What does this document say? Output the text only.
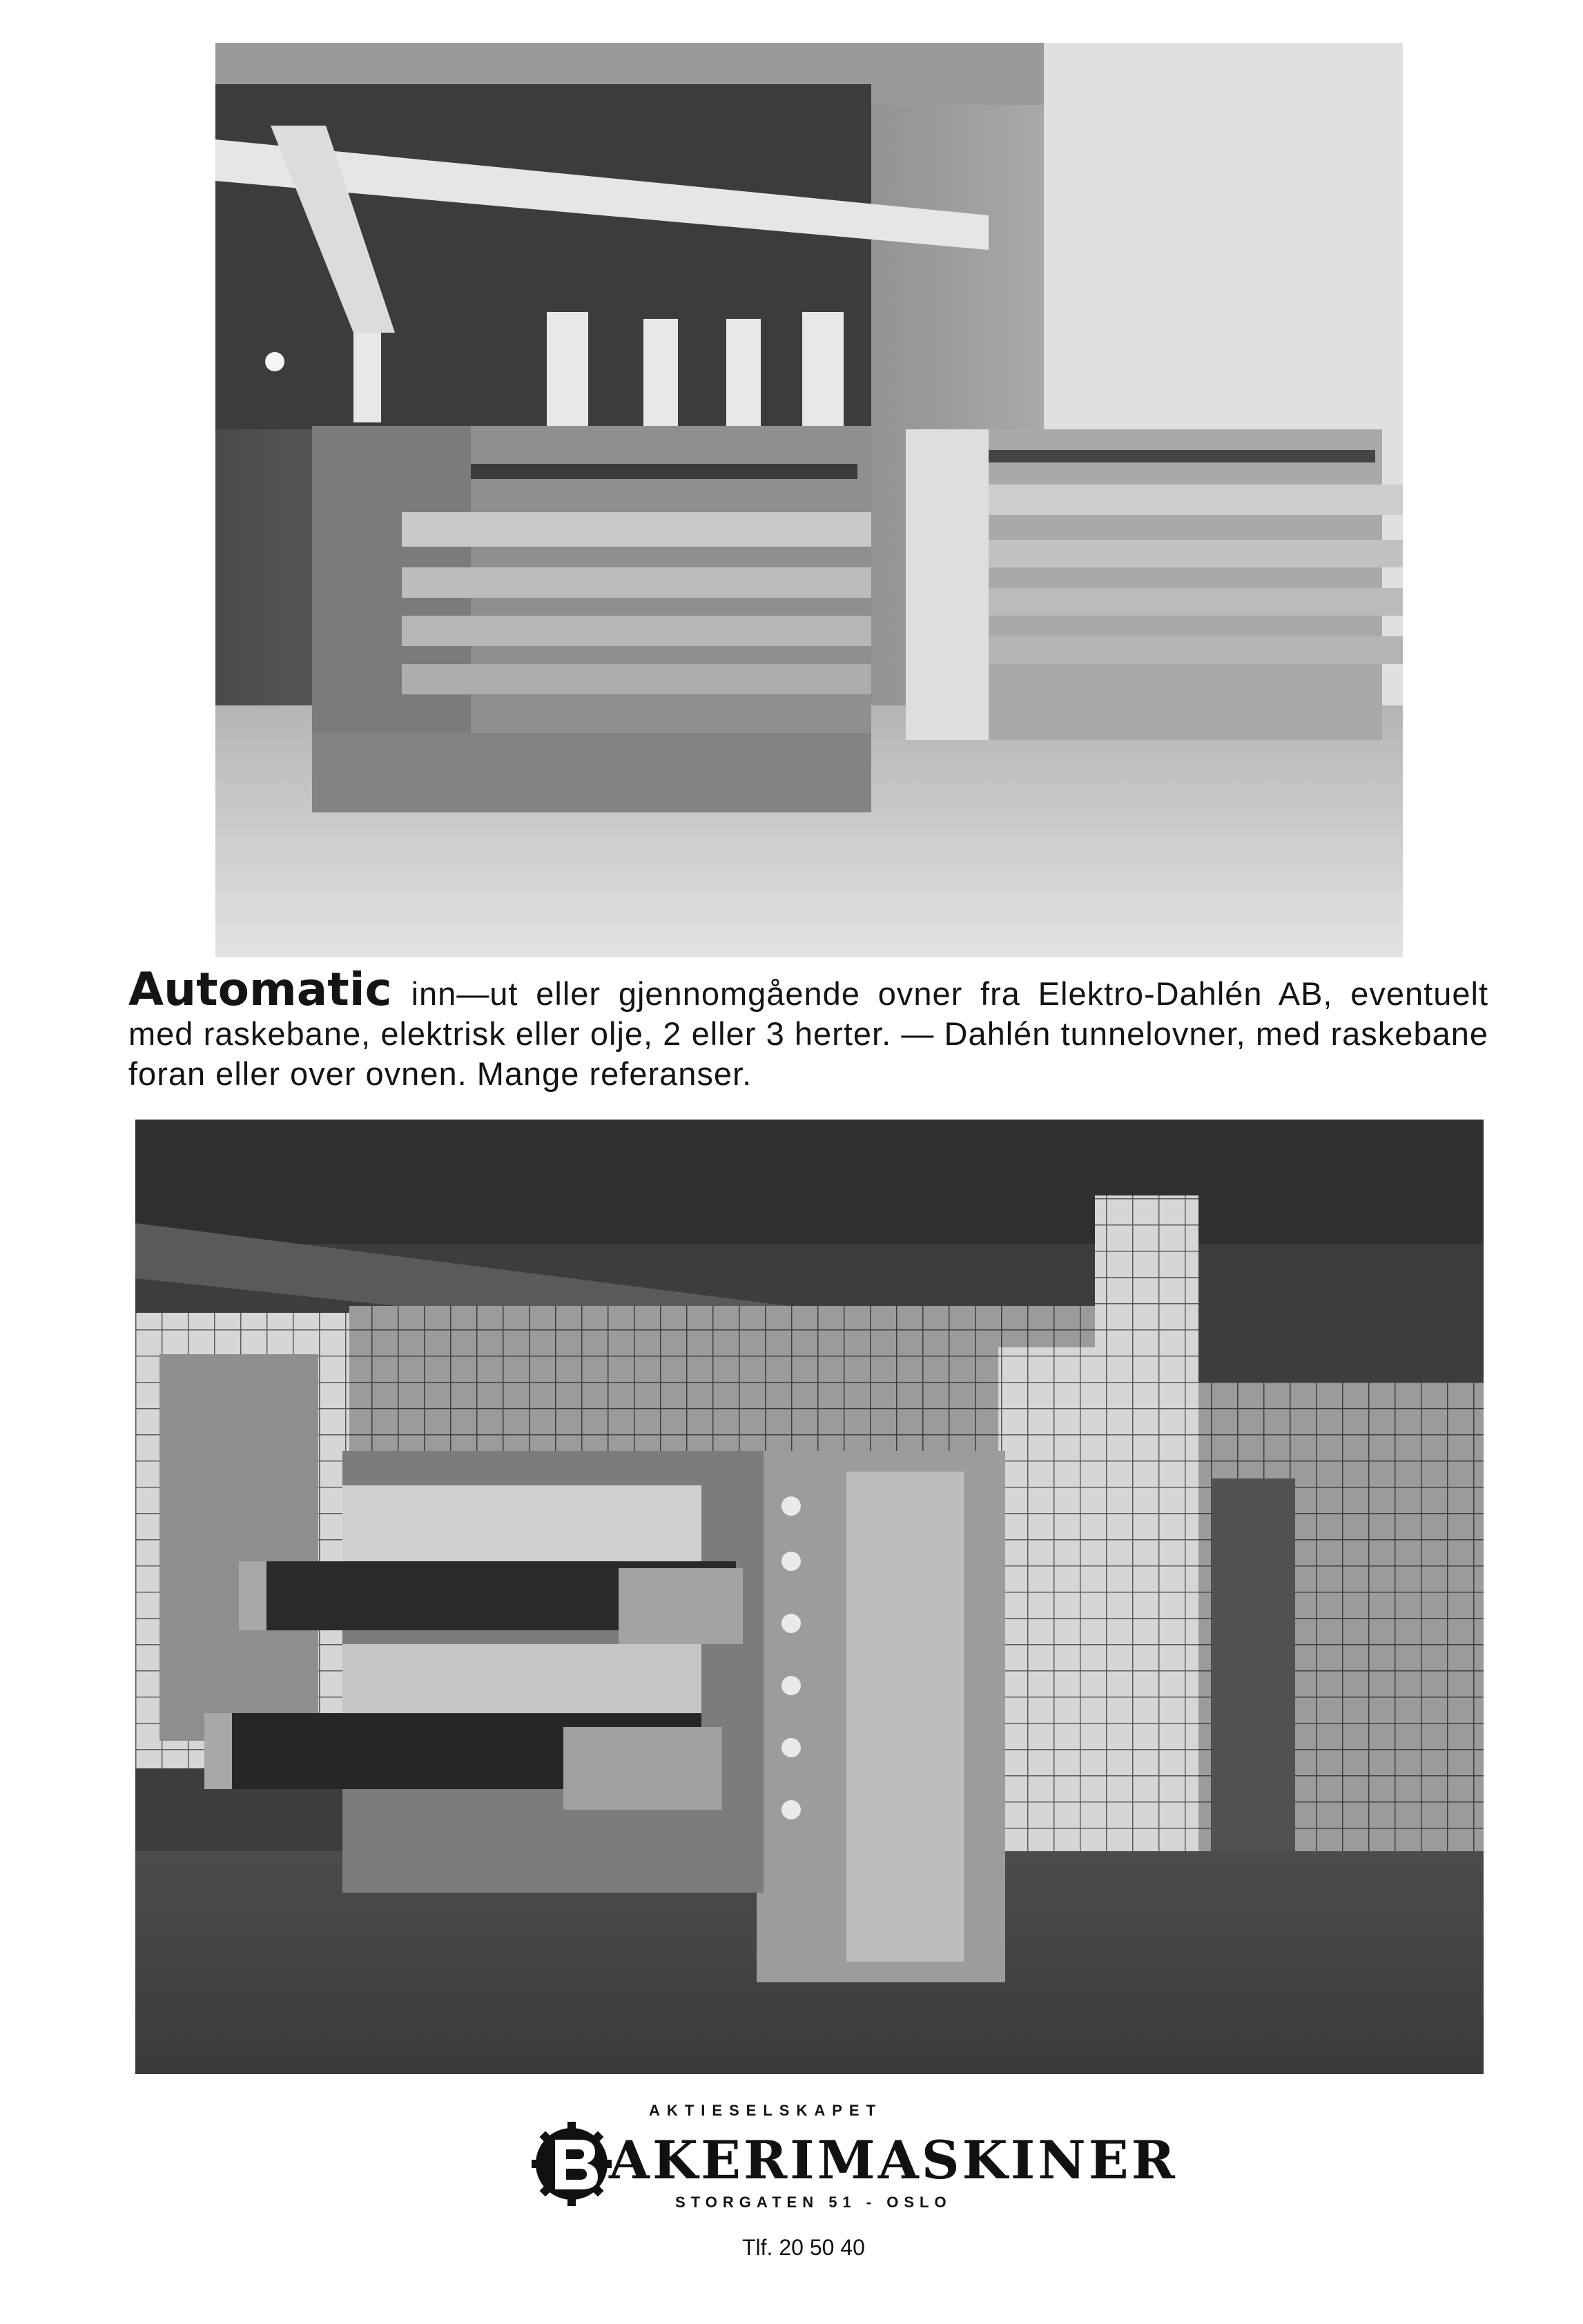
Automatic inn—ut eller gjennomgående ovner fra Elektro-Dahlén AB, eventuelt med raskebane, elektrisk eller olje, 2 eller 3 herter. — Dahlén tunnelovner, med raskebane foran eller over ovnen. Mange referanser.
AKTIESELSKAPET
AKERIMASKINER
STORGATEN 51 - OSLO
Tlf. 20 50 40
